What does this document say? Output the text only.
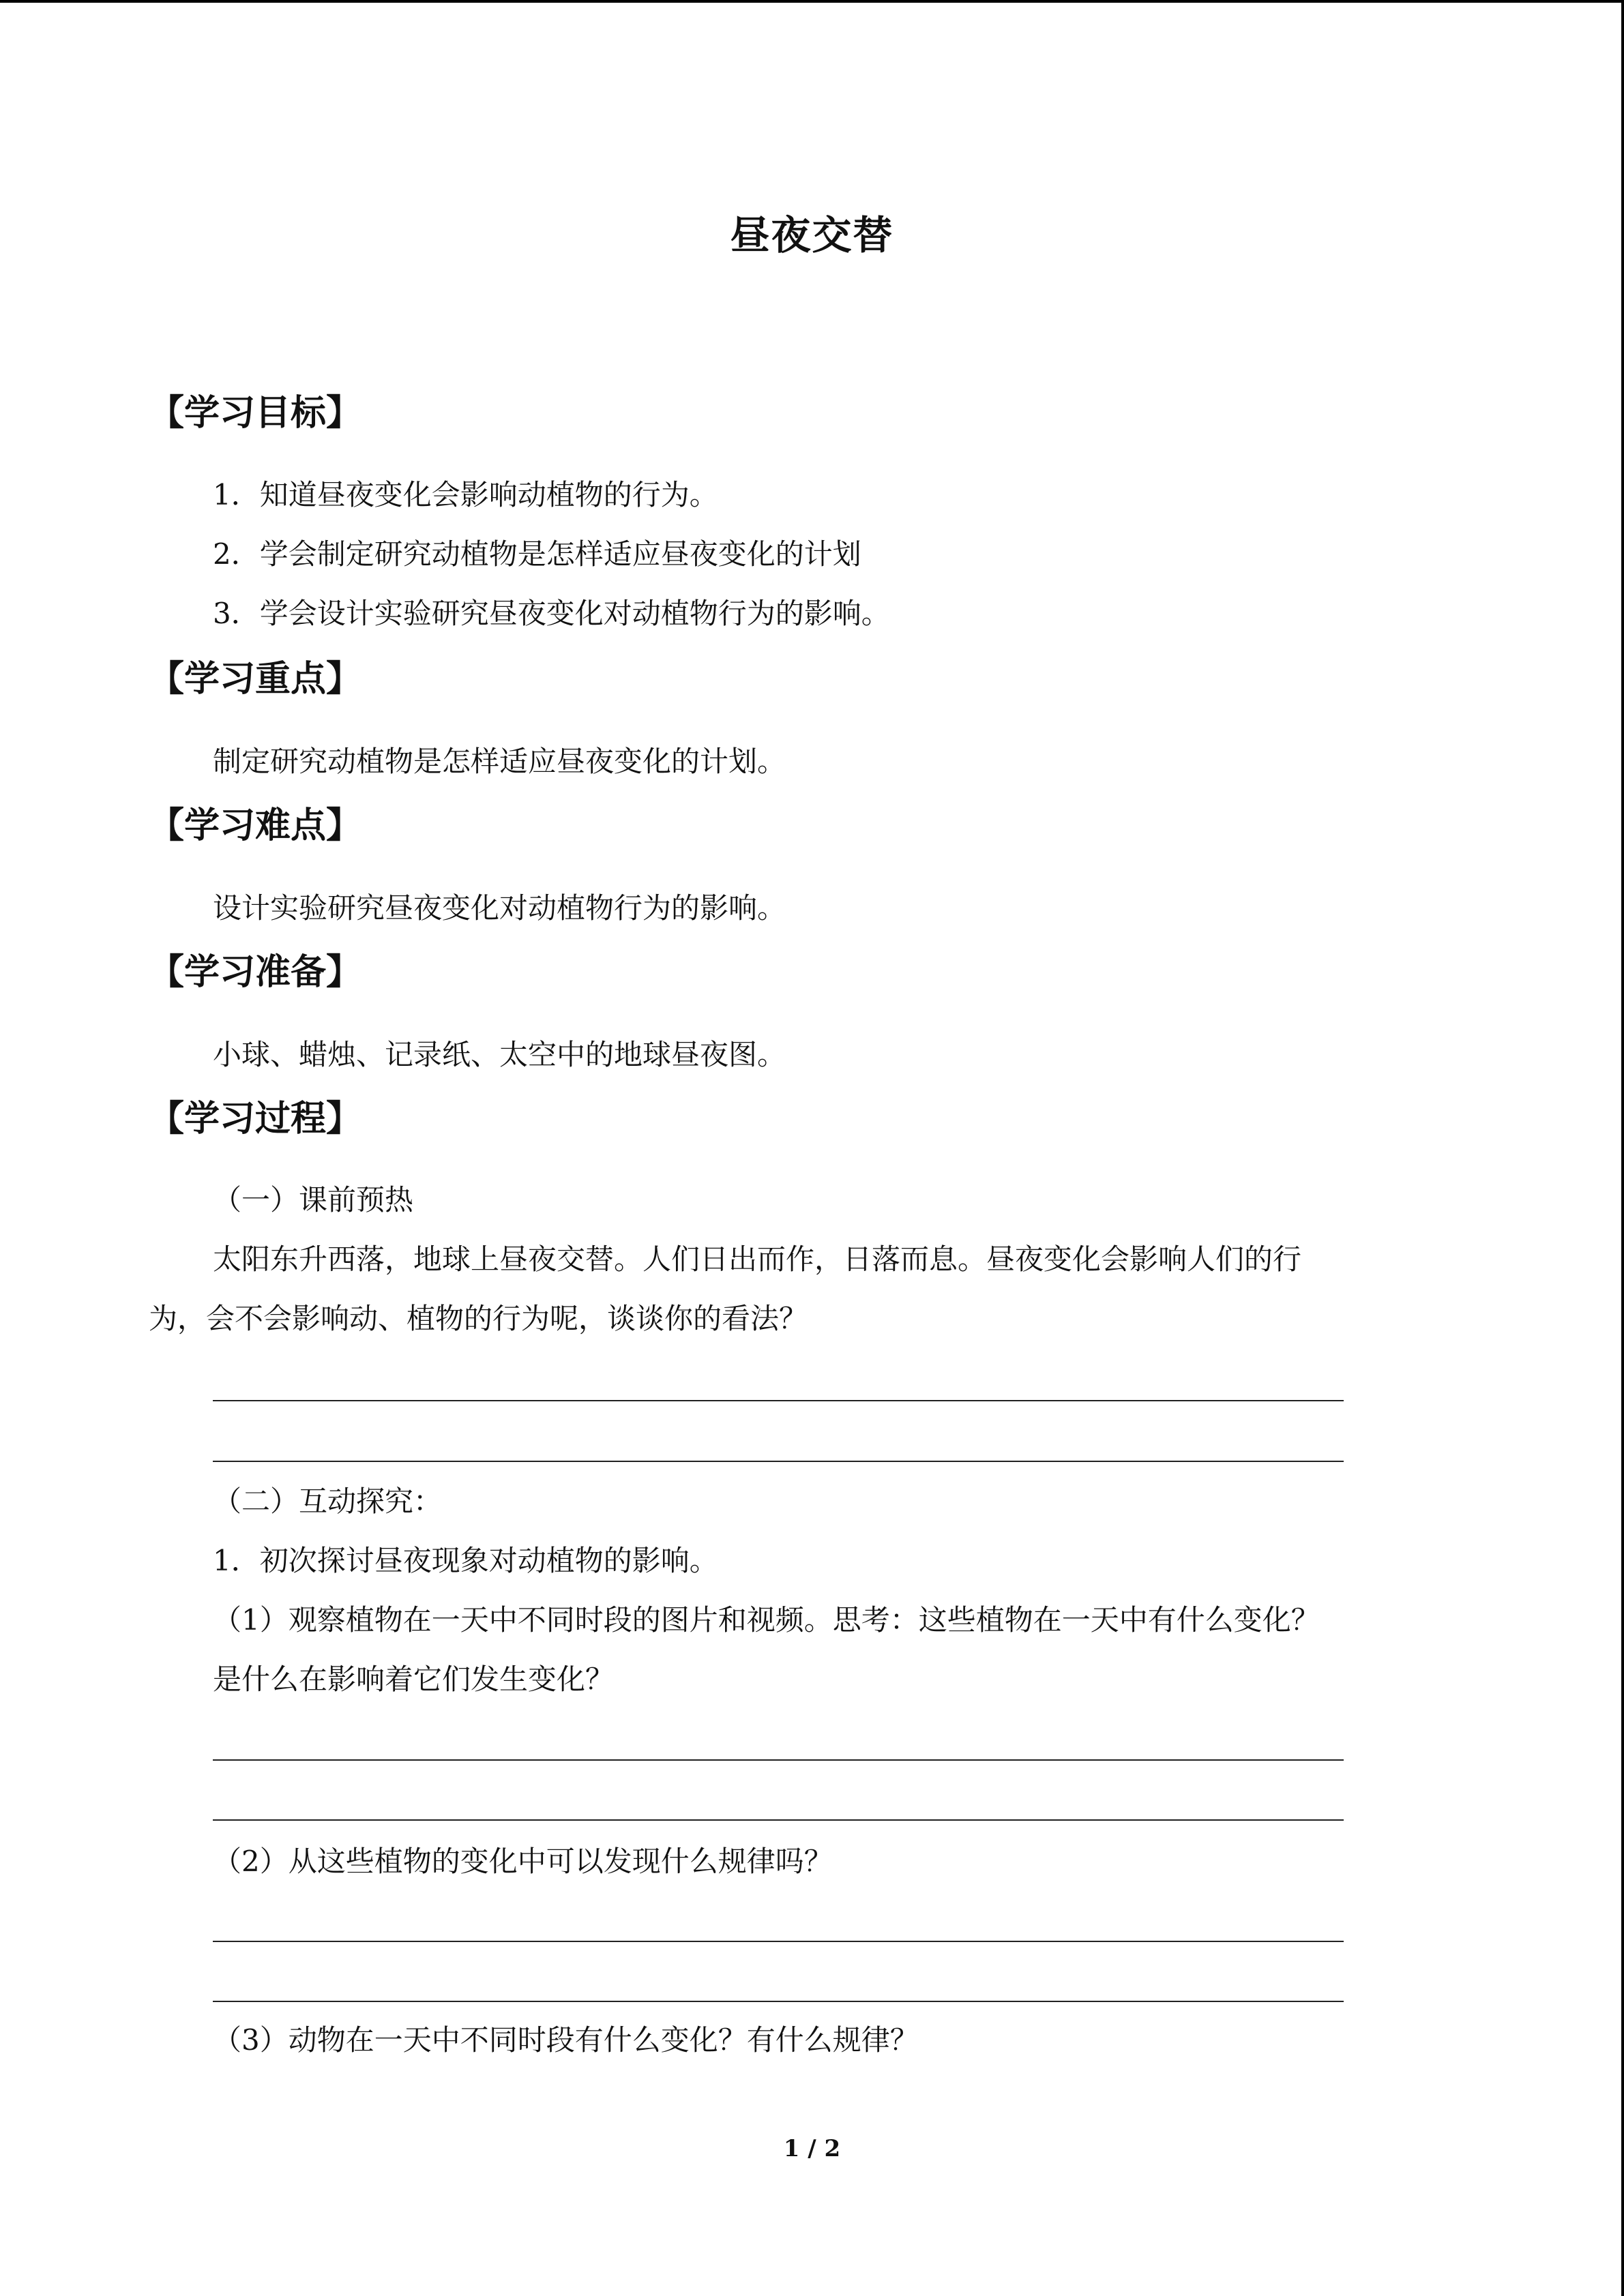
昼夜交替
【学习目标】
1．知道昼夜变化会影响动植物的行为。
2．学会制定研究动植物是怎样适应昼夜变化的计划
3．学会设计实验研究昼夜变化对动植物行为的影响。
【学习重点】
制定研究动植物是怎样适应昼夜变化的计划。
【学习难点】
设计实验研究昼夜变化对动植物行为的影响。
【学习准备】
小球、蜡烛、记录纸、太空中的地球昼夜图。
【学习过程】
（一）课前预热
太阳东升西落，地球上昼夜交替。人们日出而作，日落而息。昼夜变化会影响人们的行
为，会不会影响动、植物的行为呢，谈谈你的看法？
（二）互动探究：
1．初次探讨昼夜现象对动植物的影响。
（1）观察植物在一天中不同时段的图片和视频。思考：这些植物在一天中有什么变化？
是什么在影响着它们发生变化？
（2）从这些植物的变化中可以发现什么规律吗？
（3）动物在一天中不同时段有什么变化？有什么规律？
1 / 2
